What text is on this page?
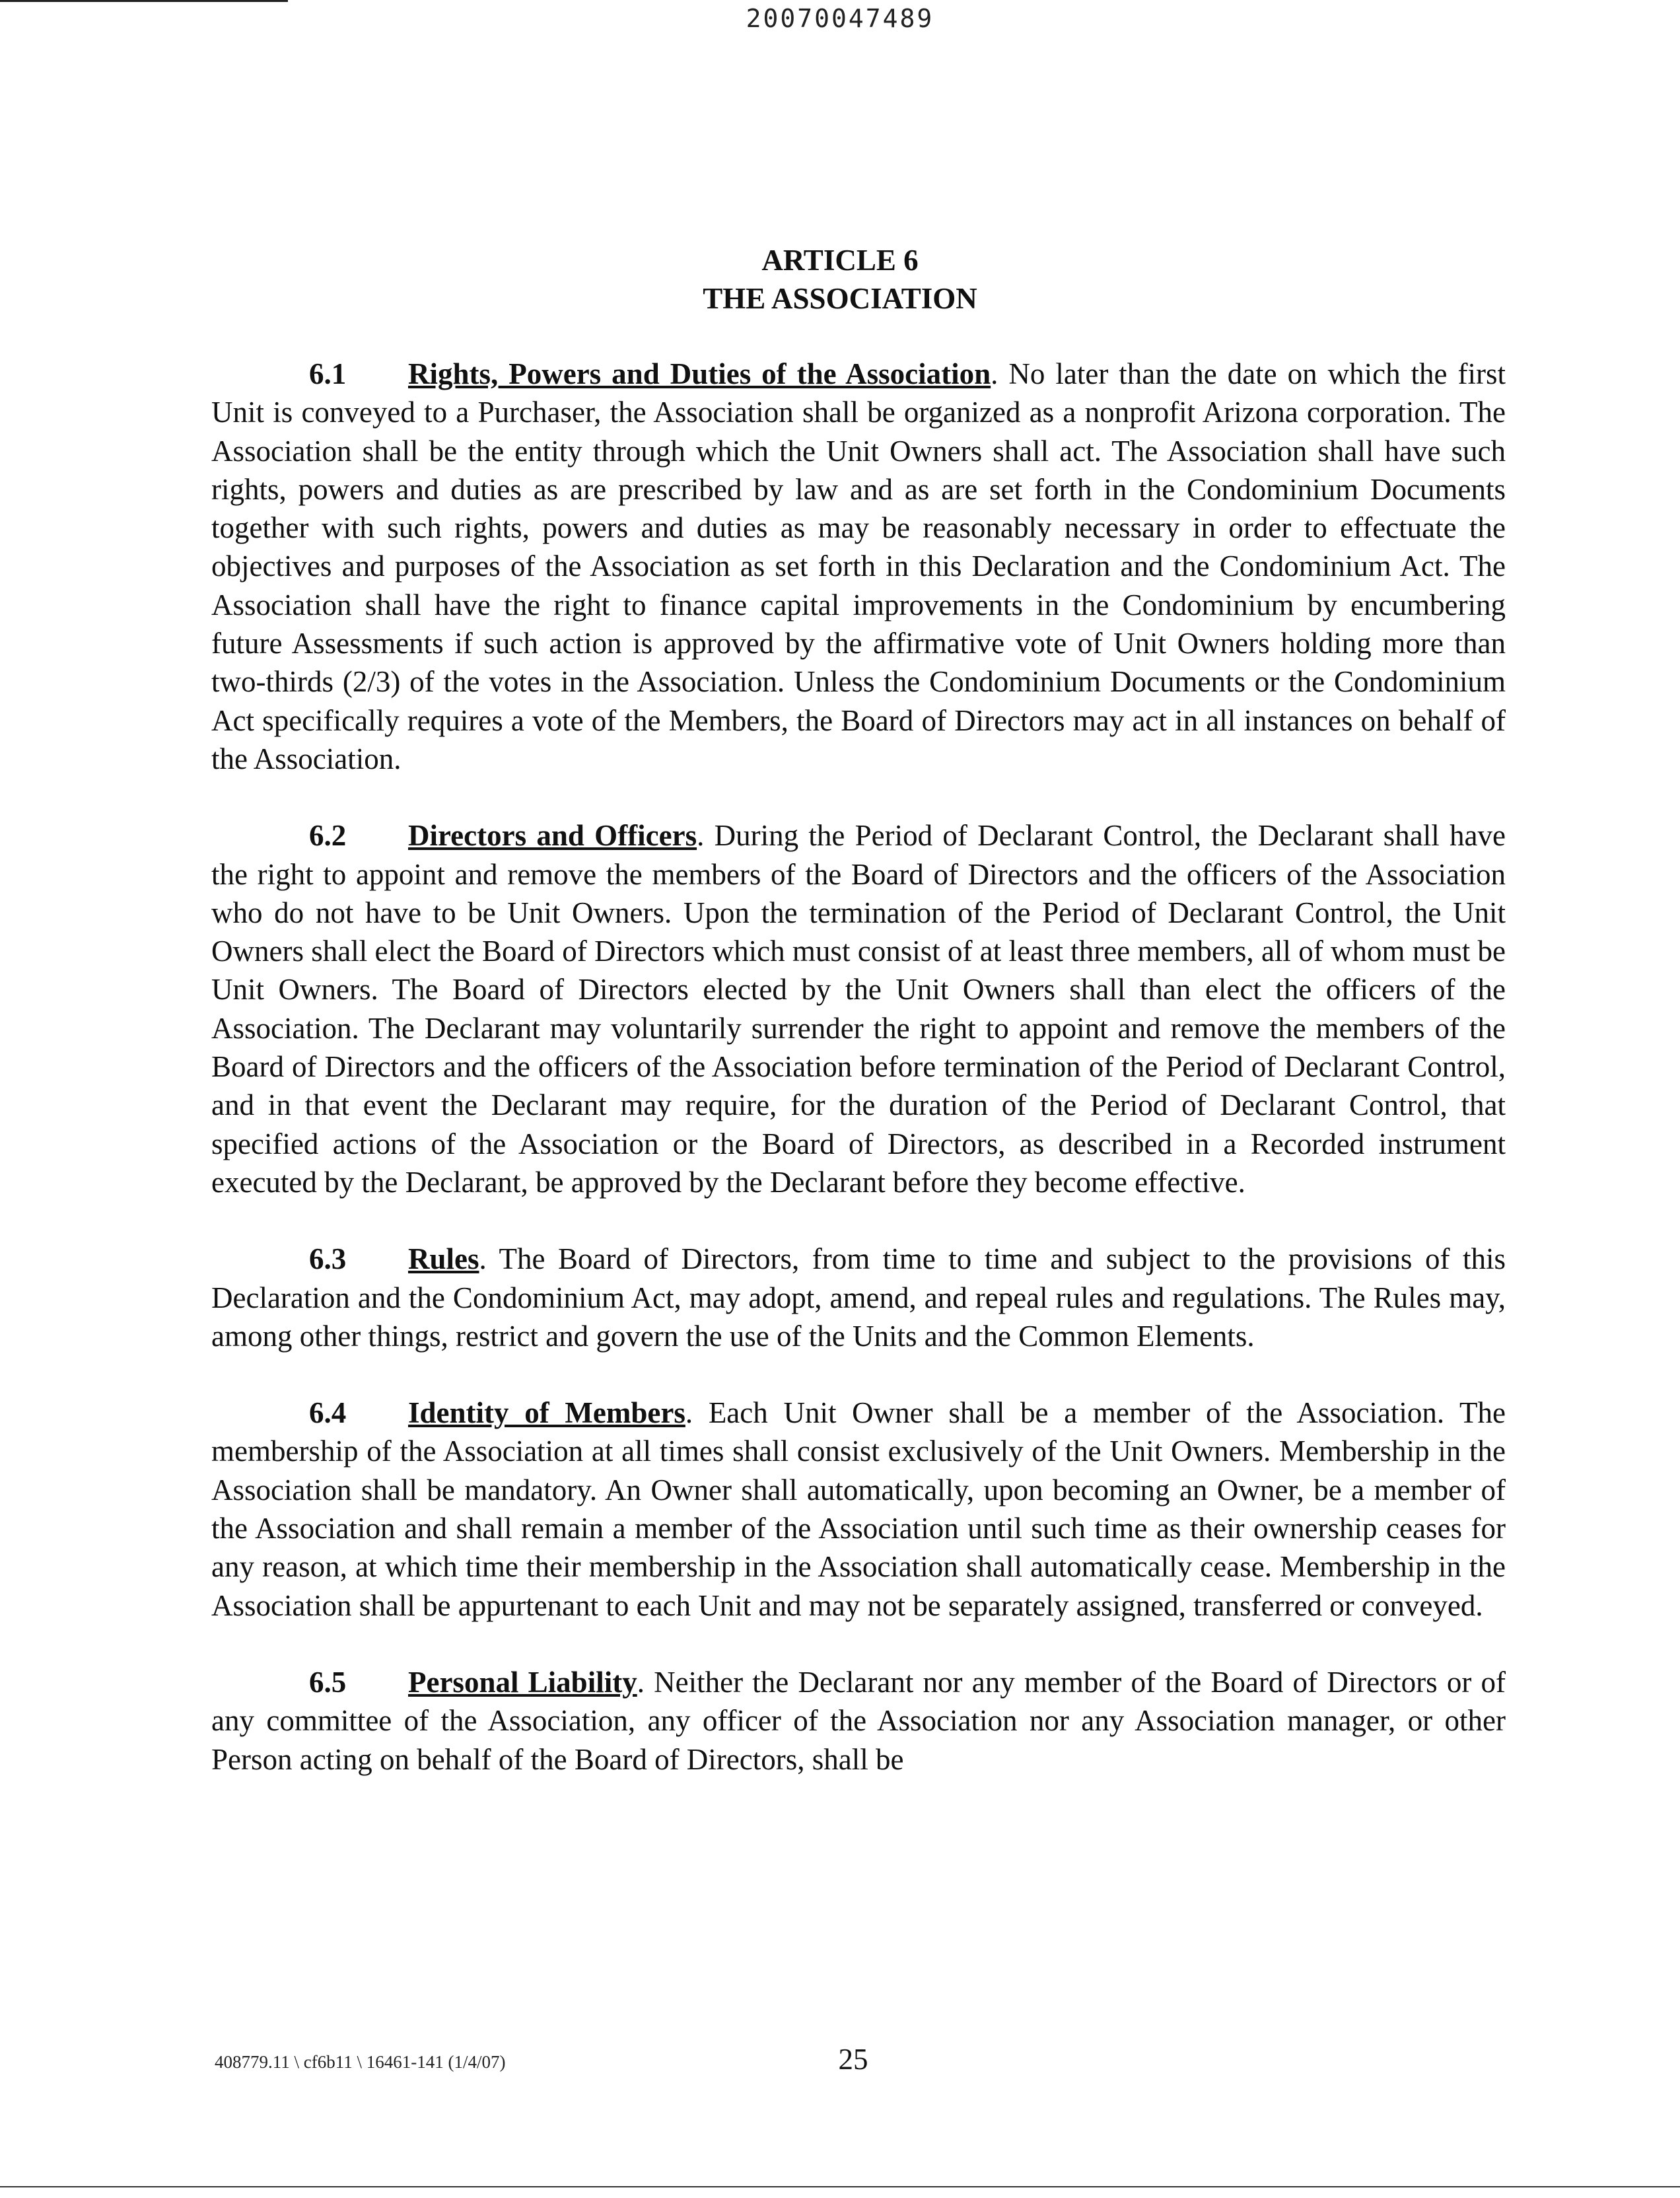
20070047489
ARTICLE 6
THE ASSOCIATION

6.1 Rights, Powers and Duties of the Association. No later than the date on which the first Unit is conveyed to a Purchaser, the Association shall be organized as a nonprofit Arizona corporation. The Association shall be the entity through which the Unit Owners shall act. The Association shall have such rights, powers and duties as are prescribed by law and as are set forth in the Condominium Documents together with such rights, powers and duties as may be reasonably necessary in order to effectuate the objectives and purposes of the Association as set forth in this Declaration and the Condominium Act. The Association shall have the right to finance capital improvements in the Condominium by encumbering future Assessments if such action is approved by the affirmative vote of Unit Owners holding more than two-thirds (2/3) of the votes in the Association. Unless the Condominium Documents or the Condominium Act specifically requires a vote of the Members, the Board of Directors may act in all instances on behalf of the Association.

6.2 Directors and Officers. During the Period of Declarant Control, the Declarant shall have the right to appoint and remove the members of the Board of Directors and the officers of the Association who do not have to be Unit Owners. Upon the termination of the Period of Declarant Control, the Unit Owners shall elect the Board of Directors which must consist of at least three members, all of whom must be Unit Owners. The Board of Directors elected by the Unit Owners shall than elect the officers of the Association. The Declarant may voluntarily surrender the right to appoint and remove the members of the Board of Directors and the officers of the Association before termination of the Period of Declarant Control, and in that event the Declarant may require, for the duration of the Period of Declarant Control, that specified actions of the Association or the Board of Directors, as described in a Recorded instrument executed by the Declarant, be approved by the Declarant before they become effective.

6.3 Rules. The Board of Directors, from time to time and subject to the provisions of this Declaration and the Condominium Act, may adopt, amend, and repeal rules and regulations. The Rules may, among other things, restrict and govern the use of the Units and the Common Elements.

6.4 Identity of Members. Each Unit Owner shall be a member of the Association. The membership of the Association at all times shall consist exclusively of the Unit Owners. Membership in the Association shall be mandatory. An Owner shall automatically, upon becoming an Owner, be a member of the Association and shall remain a member of the Association until such time as their ownership ceases for any reason, at which time their membership in the Association shall automatically cease. Membership in the Association shall be appurtenant to each Unit and may not be separately assigned, transferred or conveyed.

6.5 Personal Liability. Neither the Declarant nor any member of the Board of Directors or of any committee of the Association, any officer of the Association nor any Association manager, or other Person acting on behalf of the Board of Directors, shall be

408779.11 \ cf6b11 \ 16461-141 (1/4/07)	25
